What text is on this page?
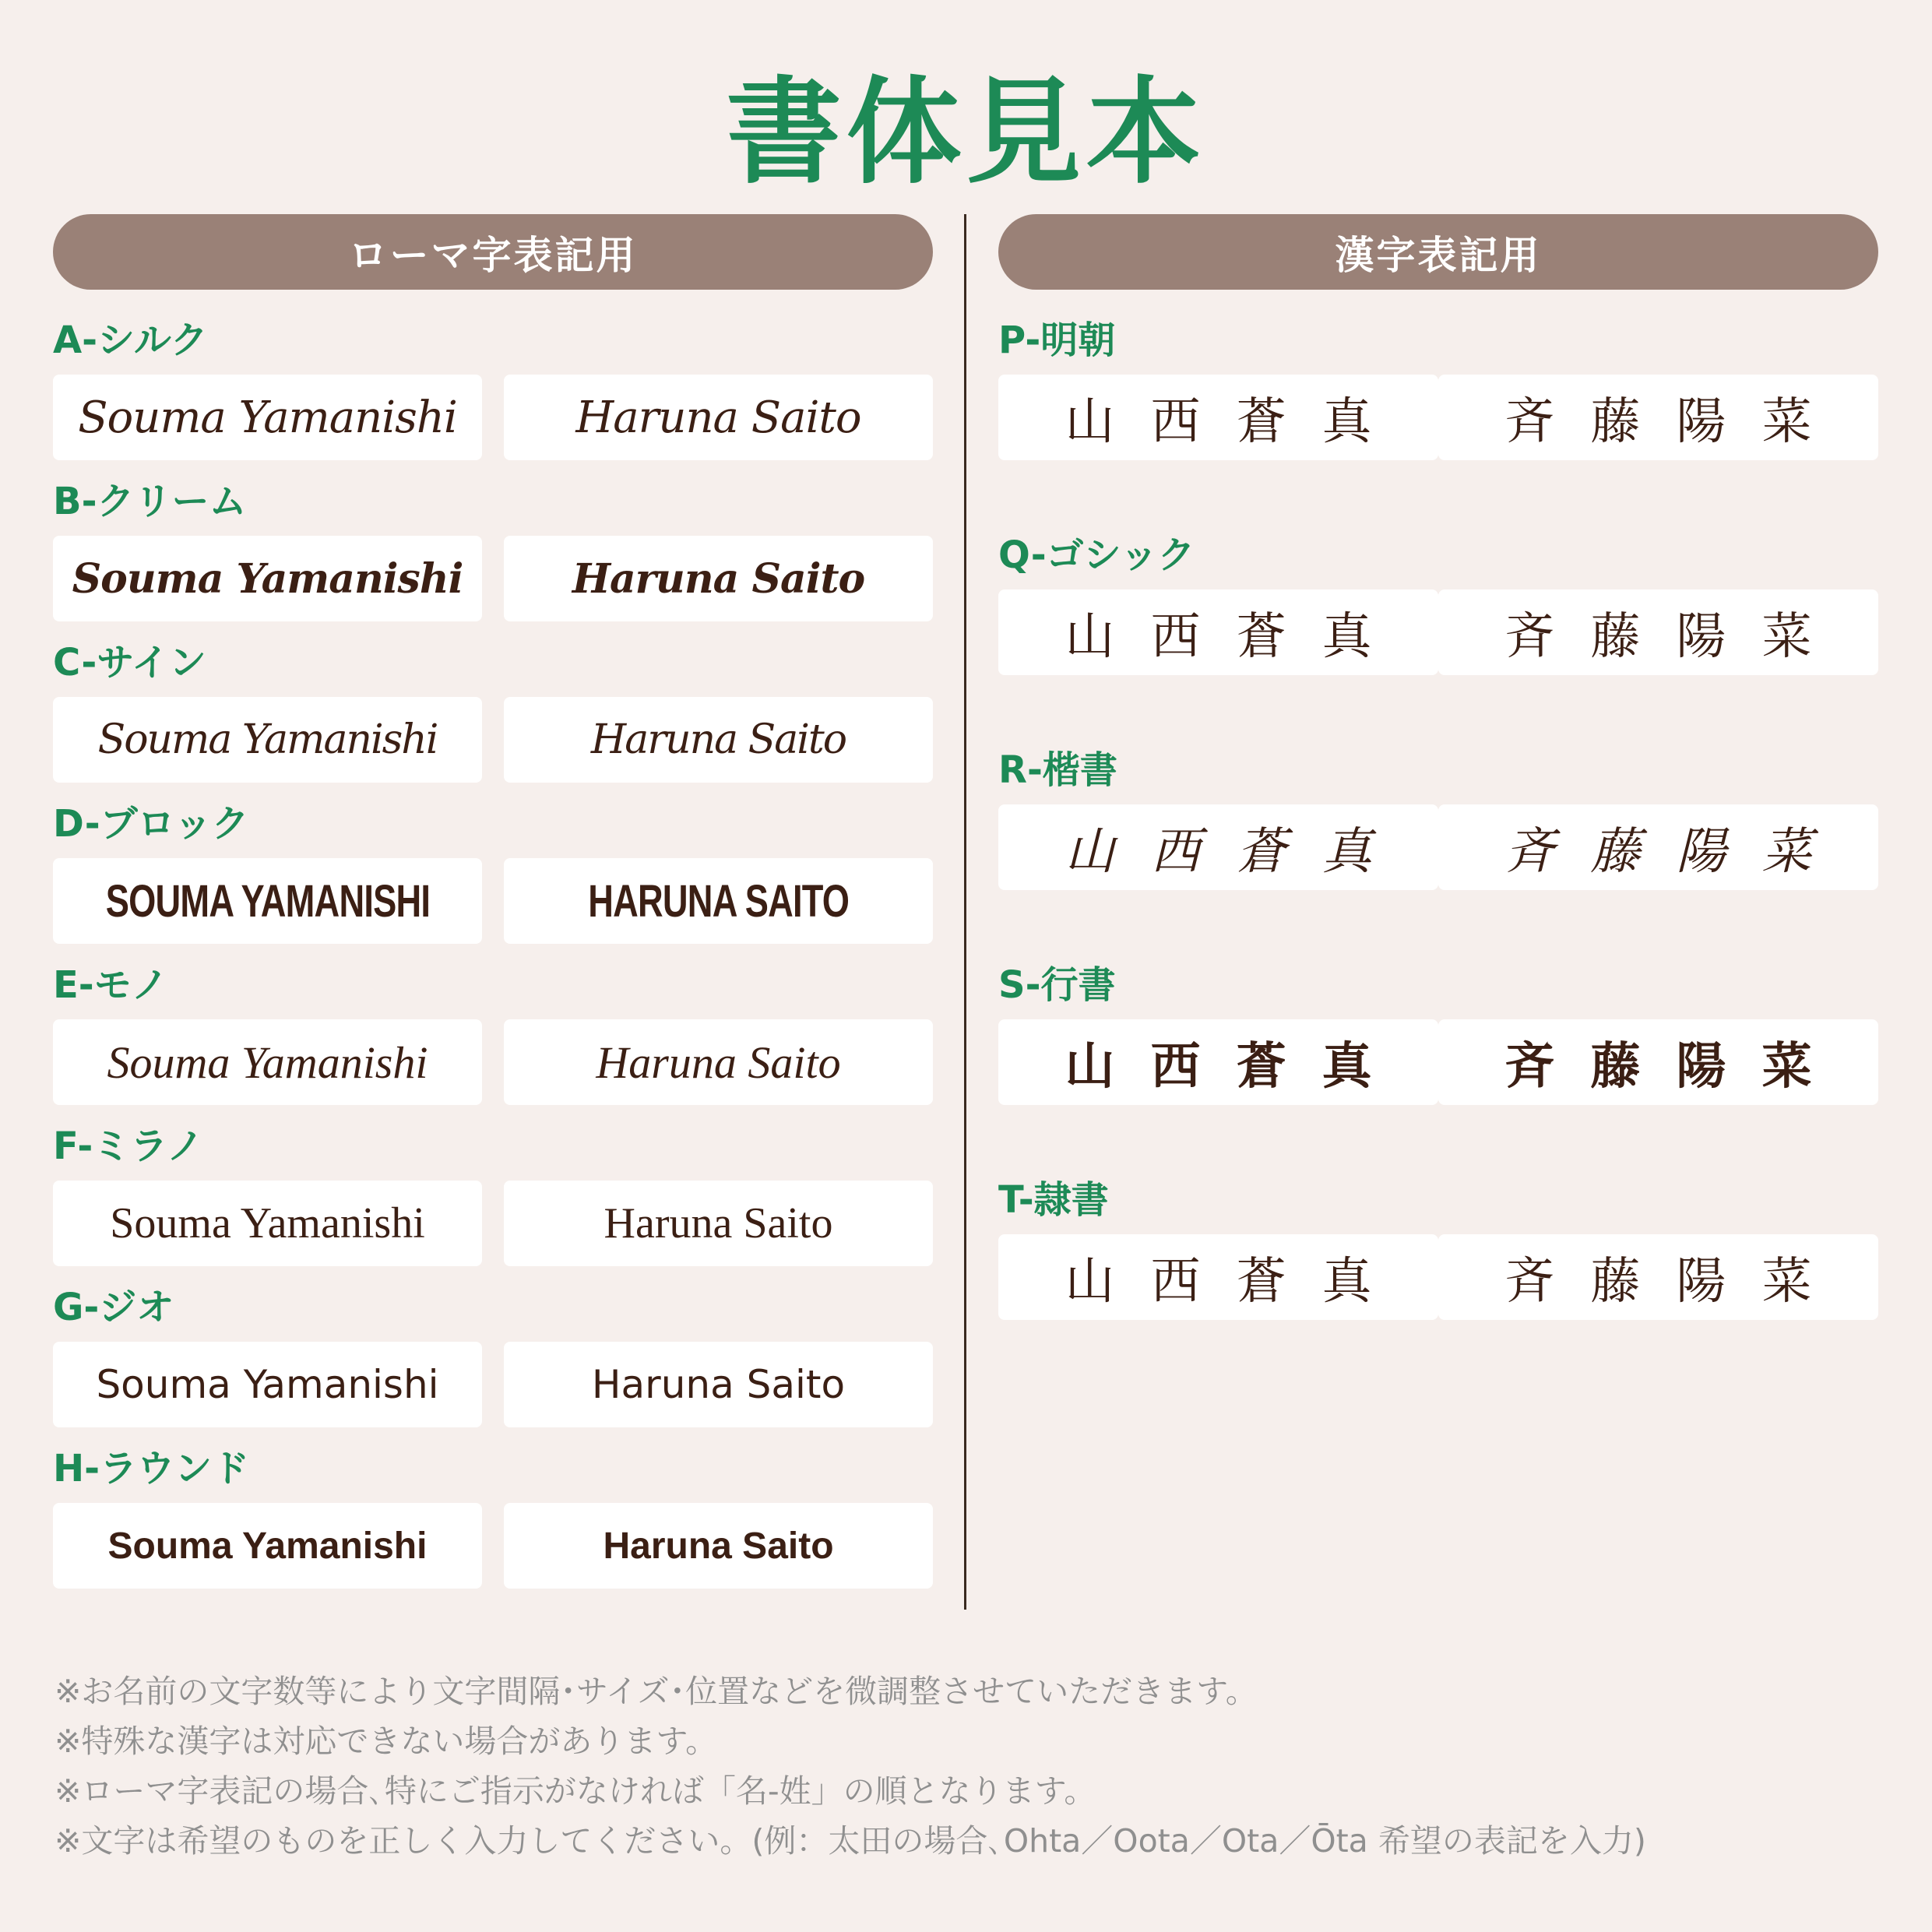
書体見本
ローマ字表記用
A-シルク
Souma Yamanishi	Haruna Saito
B-クリーム
Souma Yamanishi	Haruna Saito
C-サイン
Souma Yamanishi	Haruna Saito
D-ブロック
SOUMA YAMANISHI	HARUNA SAITO
E-モノ
Souma Yamanishi	Haruna Saito
F-ミラノ
Souma Yamanishi	Haruna Saito
G-ジオ
Souma Yamanishi	Haruna Saito
H-ラウンド
Souma Yamanishi	Haruna Saito
漢字表記用
P-明朝
山西蒼真	斉藤陽菜
Q-ゴシック
山西蒼真	斉藤陽菜
R-楷書
山西蒼真	斉藤陽菜
S-行書
山西蒼真	斉藤陽菜
T-隷書
山西蒼真	斉藤陽菜
※お名前の文字数等により文字間隔･サイズ･位置などを微調整させていただきます。
※特殊な漢字は対応できない場合があります。
※ローマ字表記の場合､特にご指示がなければ「名-姓」の順となります。
※文字は希望のものを正しく入力してください。(例：太田の場合､Ohta／Oota／Ota／Ōta 希望の表記を入力)
